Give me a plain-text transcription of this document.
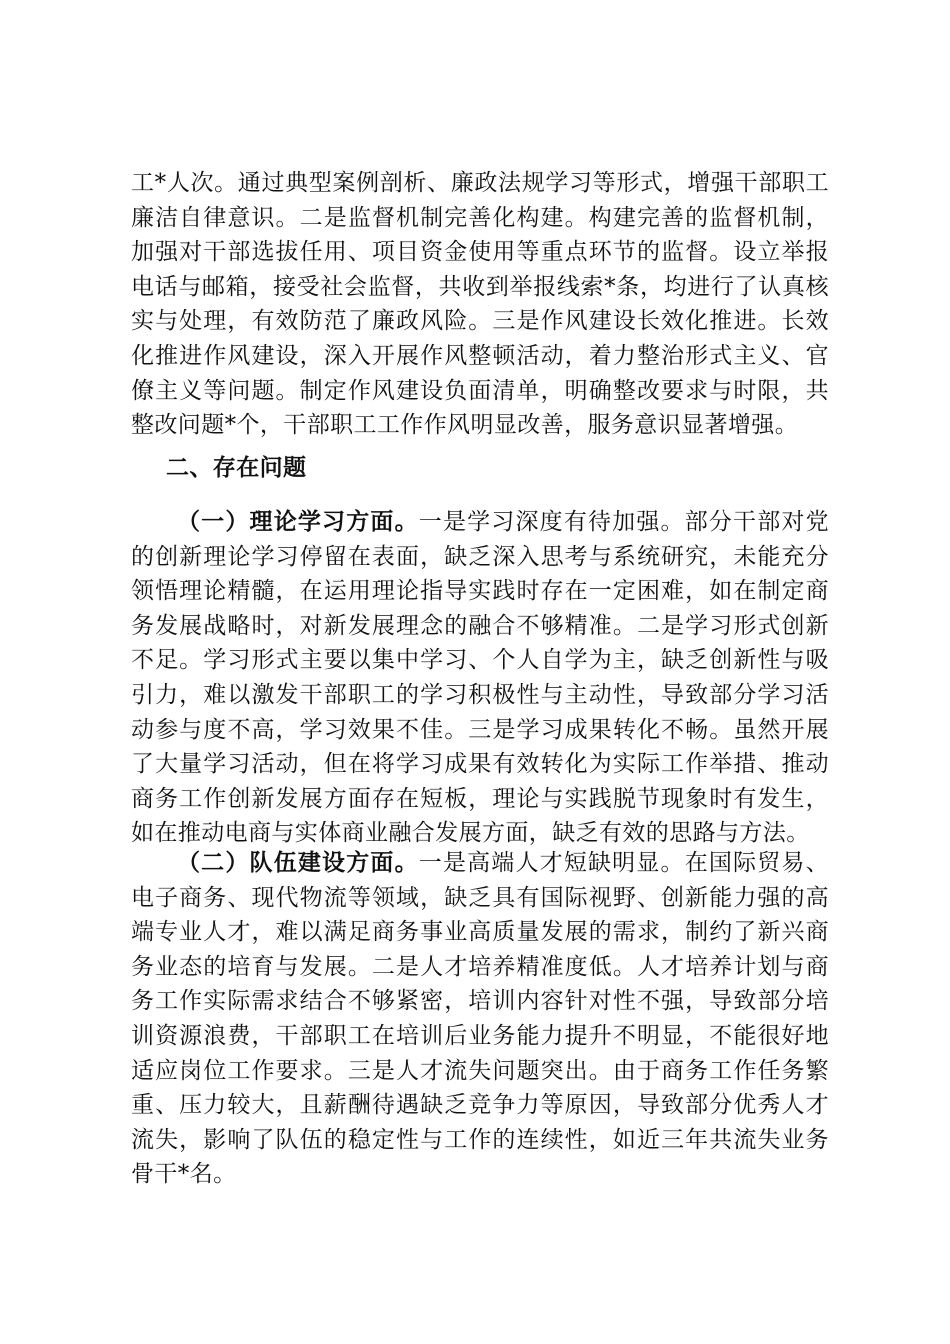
工*人次。通过典型案例剖析、廉政法规学习等形式，增强干部职工廉洁自律意识。二是监督机制完善化构建。构建完善的监督机制，加强对干部选拔任用、项目资金使用等重点环节的监督。设立举报电话与邮箱，接受社会监督，共收到举报线索*条，均进行了认真核实与处理，有效防范了廉政风险。三是作风建设长效化推进。长效化推进作风建设，深入开展作风整顿活动，着力整治形式主义、官僚主义等问题。制定作风建设负面清单，明确整改要求与时限，共整改问题*个，干部职工工作作风明显改善，服务意识显著增强。

二、存在问题

（一）理论学习方面。一是学习深度有待加强。部分干部对党的创新理论学习停留在表面，缺乏深入思考与系统研究，未能充分领悟理论精髓，在运用理论指导实践时存在一定困难，如在制定商务发展战略时，对新发展理念的融合不够精准。二是学习形式创新不足。学习形式主要以集中学习、个人自学为主，缺乏创新性与吸引力，难以激发干部职工的学习积极性与主动性，导致部分学习活动参与度不高，学习效果不佳。三是学习成果转化不畅。虽然开展了大量学习活动，但在将学习成果有效转化为实际工作举措、推动商务工作创新发展方面存在短板，理论与实践脱节现象时有发生，如在推动电商与实体商业融合发展方面，缺乏有效的思路与方法。

（二）队伍建设方面。一是高端人才短缺明显。在国际贸易、电子商务、现代物流等领域，缺乏具有国际视野、创新能力强的高端专业人才，难以满足商务事业高质量发展的需求，制约了新兴商务业态的培育与发展。二是人才培养精准度低。人才培养计划与商务工作实际需求结合不够紧密，培训内容针对性不强，导致部分培训资源浪费，干部职工在培训后业务能力提升不明显，不能很好地适应岗位工作要求。三是人才流失问题突出。由于商务工作任务繁重、压力较大，且薪酬待遇缺乏竞争力等原因，导致部分优秀人才流失，影响了队伍的稳定性与工作的连续性，如近三年共流失业务骨干*名。
